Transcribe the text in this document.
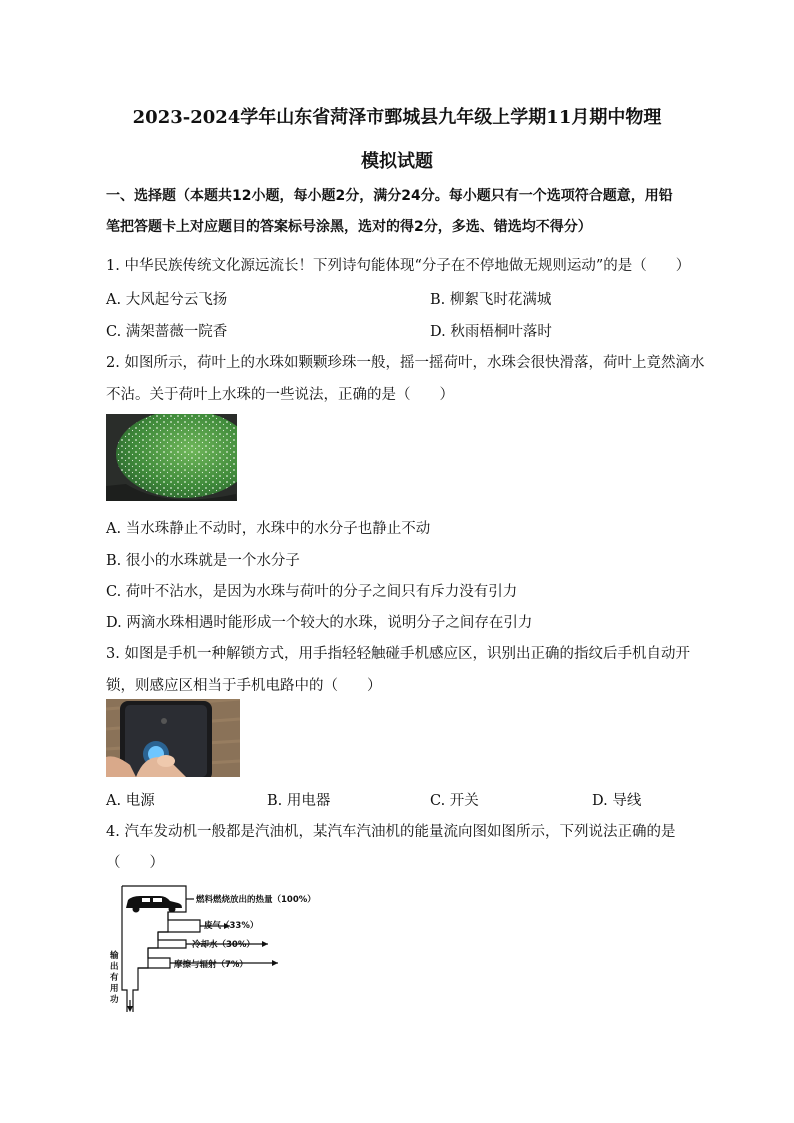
2023-2024学年山东省菏泽市鄄城县九年级上学期11月期中物理
模拟试题
一、选择题（本题共12小题，每小题2分，满分24分。每小题只有一个选项符合题意，用铅
笔把答题卡上对应题目的答案标号涂黑，选对的得2分，多选、错选均不得分）
1. 中华民族传统文化源远流长！下列诗句能体现“分子在不停地做无规则运动”的是（　　）
A. 大风起兮云飞扬	B. 柳絮飞时花满城
C. 满架蔷薇一院香	D. 秋雨梧桐叶落时
2. 如图所示，荷叶上的水珠如颗颗珍珠一般，摇一摇荷叶，水珠会很快滑落，荷叶上竟然滴水
不沾。关于荷叶上水珠的一些说法，正确的是（　　）
A. 当水珠静止不动时，水珠中的水分子也静止不动
B. 很小的水珠就是一个水分子
C. 荷叶不沾水，是因为水珠与荷叶的分子之间只有斥力没有引力
D. 两滴水珠相遇时能形成一个较大的水珠，说明分子之间存在引力
3. 如图是手机一种解锁方式，用手指轻轻触碰手机感应区，识别出正确的指纹后手机自动开
锁，则感应区相当于手机电路中的（　　）
A. 电源	B. 用电器	C. 开关	D. 导线
4. 汽车发动机一般都是汽油机，某汽车汽油机的能量流向图如图所示，下列说法正确的是
（　　）
燃料燃烧放出的热量（100%）
废气（33%）
冷却水（30%）
摩擦与辐射（7%）
输
出
有
用
功
